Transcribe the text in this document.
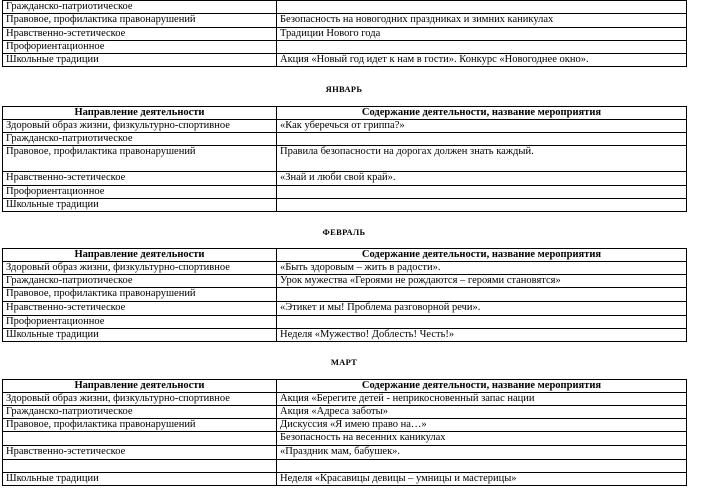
Гражданско-патриотическое	
Правовое, профилактика правонарушений	Безопасность на новогодних праздниках и зимних каникулах
Нравственно-эстетическое	Традиции Нового года
Профориентационное	
Школьные традиции	Акция «Новый год идет к нам в гости». Конкурс «Новогоднее окно».
ЯНВАРЬ
Направление деятельности	Содержание деятельности, название мероприятия
Здоровый образ жизни, физкультурно-спортивное	«Как уберечься от гриппа?»
Гражданско-патриотическое	
Правовое, профилактика правонарушений	Правила безопасности на дорогах должен знать каждый.
Нравственно-эстетическое	«Знай и люби свой край».
Профориентационное	
Школьные традиции	
ФЕВРАЛЬ
Направление деятельности	Содержание деятельности, название мероприятия
Здоровый образ жизни, физкультурно-спортивное	«Быть здоровым – жить в радости».
Гражданско-патриотическое	Урок мужества «Героями не рождаются – героями становятся»
Правовое, профилактика правонарушений	
Нравственно-эстетическое	«Этикет и мы! Проблема разговорной речи».
Профориентационное	
Школьные традиции	Неделя «Мужество! Доблесть! Честь!»
МАРТ
Направление деятельности	Содержание деятельности, название мероприятия
Здоровый образ жизни, физкультурно-спортивное	Акция «Берегите детей - неприкосновенный запас нации
Гражданско-патриотическое	Акция «Адреса заботы»
Правовое, профилактика правонарушений	Дискуссия «Я имею право на…»
	Безопасность на весенних каникулах
Нравственно-эстетическое	«Праздник мам, бабушек».

Школьные традиции	Неделя «Красавицы девицы – умницы и мастерицы»
